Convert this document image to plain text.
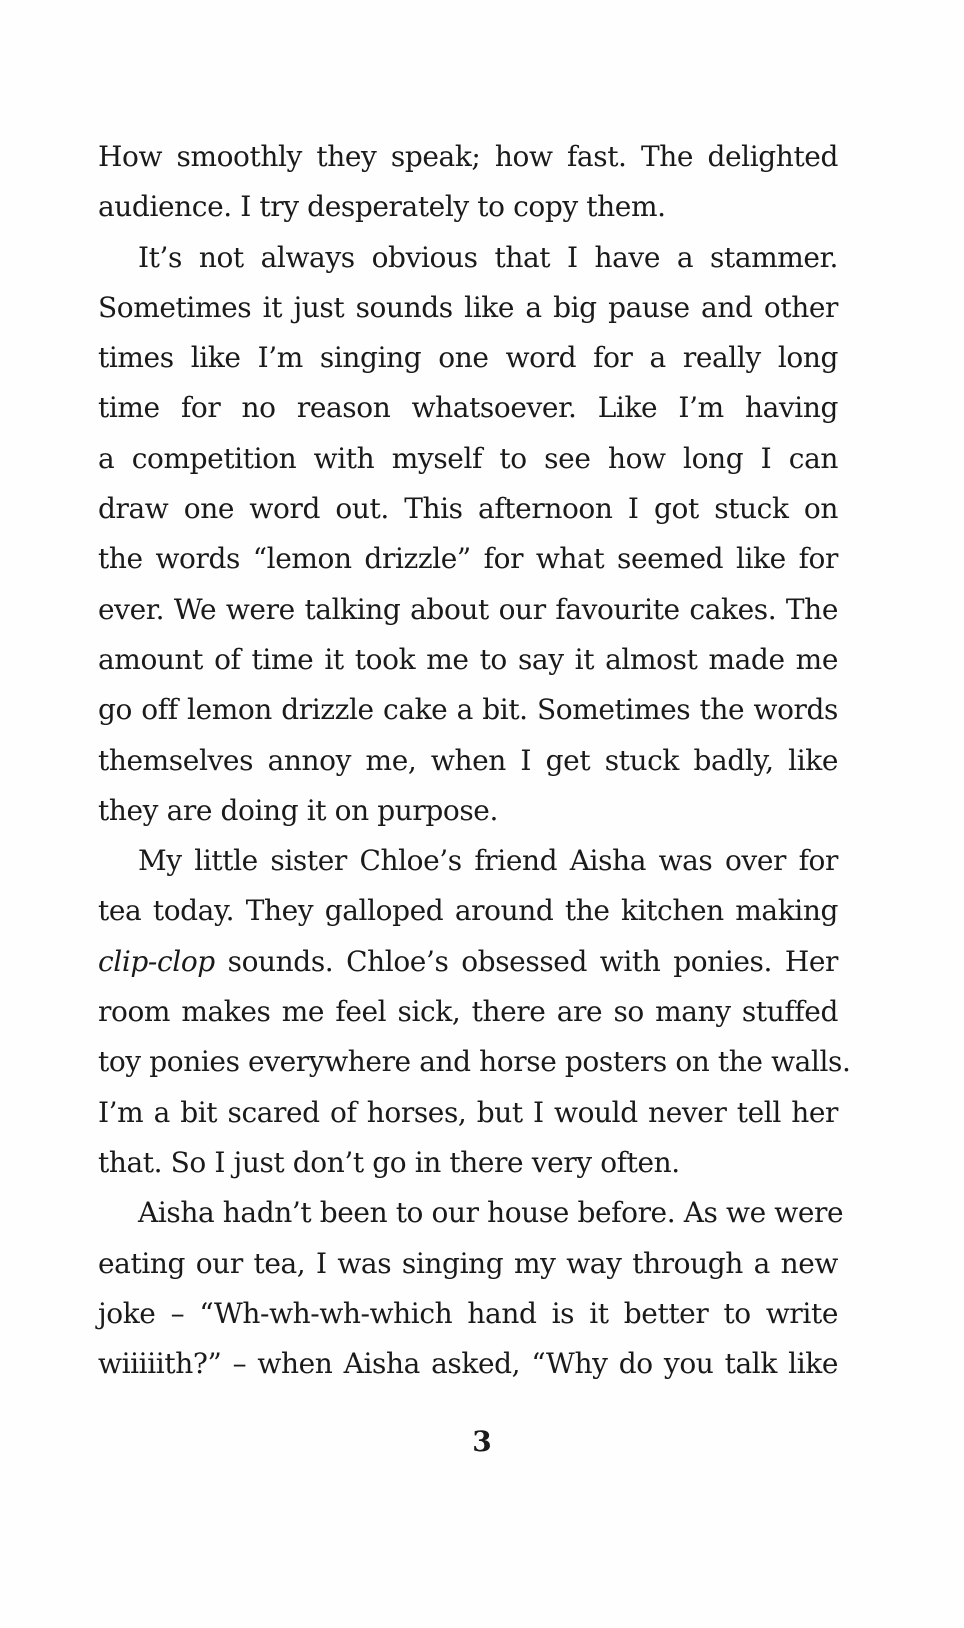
How smoothly they speak; how fast. The delighted
audience. I try desperately to copy them.
It’s not always obvious that I have a stammer.
Sometimes it just sounds like a big pause and other
times like I’m singing one word for a really long
time for no reason whatsoever. Like I’m having
a competition with myself to see how long I can
draw one word out. This afternoon I got stuck on
the words “lemon drizzle” for what seemed like for
ever. We were talking about our favourite cakes. The
amount of time it took me to say it almost made me
go off lemon drizzle cake a bit. Sometimes the words
themselves annoy me, when I get stuck badly, like
they are doing it on purpose.
My little sister Chloe’s friend Aisha was over for
tea today. They galloped around the kitchen making
clip-clop sounds. Chloe’s obsessed with ponies. Her
room makes me feel sick, there are so many stuffed
toy ponies everywhere and horse posters on the walls.
I’m a bit scared of horses, but I would never tell her
that. So I just don’t go in there very often.
Aisha hadn’t been to our house before. As we were
eating our tea, I was singing my way through a new
joke – “Wh-wh-wh-which hand is it better to write
wiiiiith?” – when Aisha asked, “Why do you talk like
3
